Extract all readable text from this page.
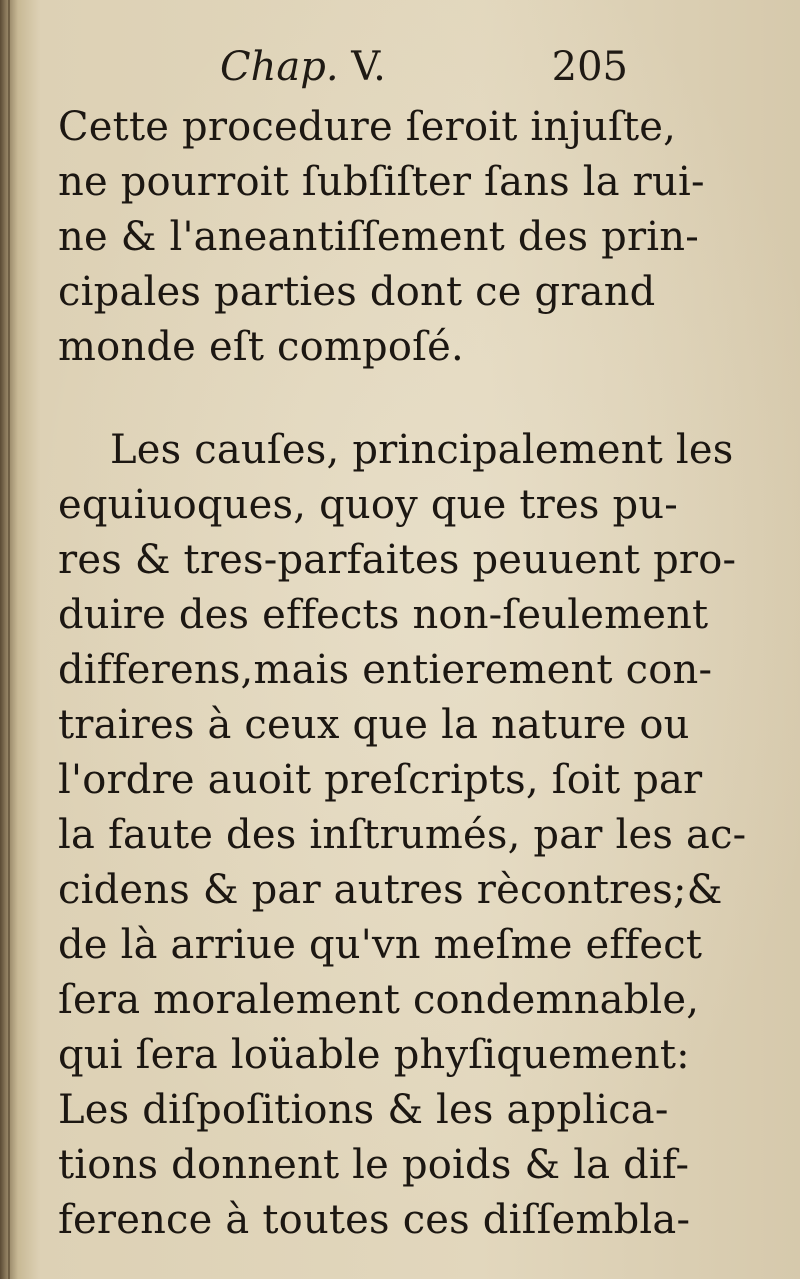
Chap. V.	205
Cette procedure ſeroit injuſte,
ne pourroit ſubſiſter ſans la rui-
ne & l'aneantiſſement des prin-
cipales parties dont ce grand
monde eſt compoſé.
Les cauſes, principalement les
equiuoques, quoy que tres pu-
res & tres-parfaites peuuent pro-
duire des effects non-ſeulement
differens,mais entierement con-
traires à ceux que la nature ou
l'ordre auoit preſcripts, ſoit par
la faute des inſtrumés, par les ac-
cidens & par autres rècontres;&
de là arriue qu'vn meſme effect
ſera moralement condemnable,
qui ſera loüable phyſiquement:
Les diſpoſitions & les applica-
tions donnent le poids & la dif-
ference à toutes ces diſſembla-
